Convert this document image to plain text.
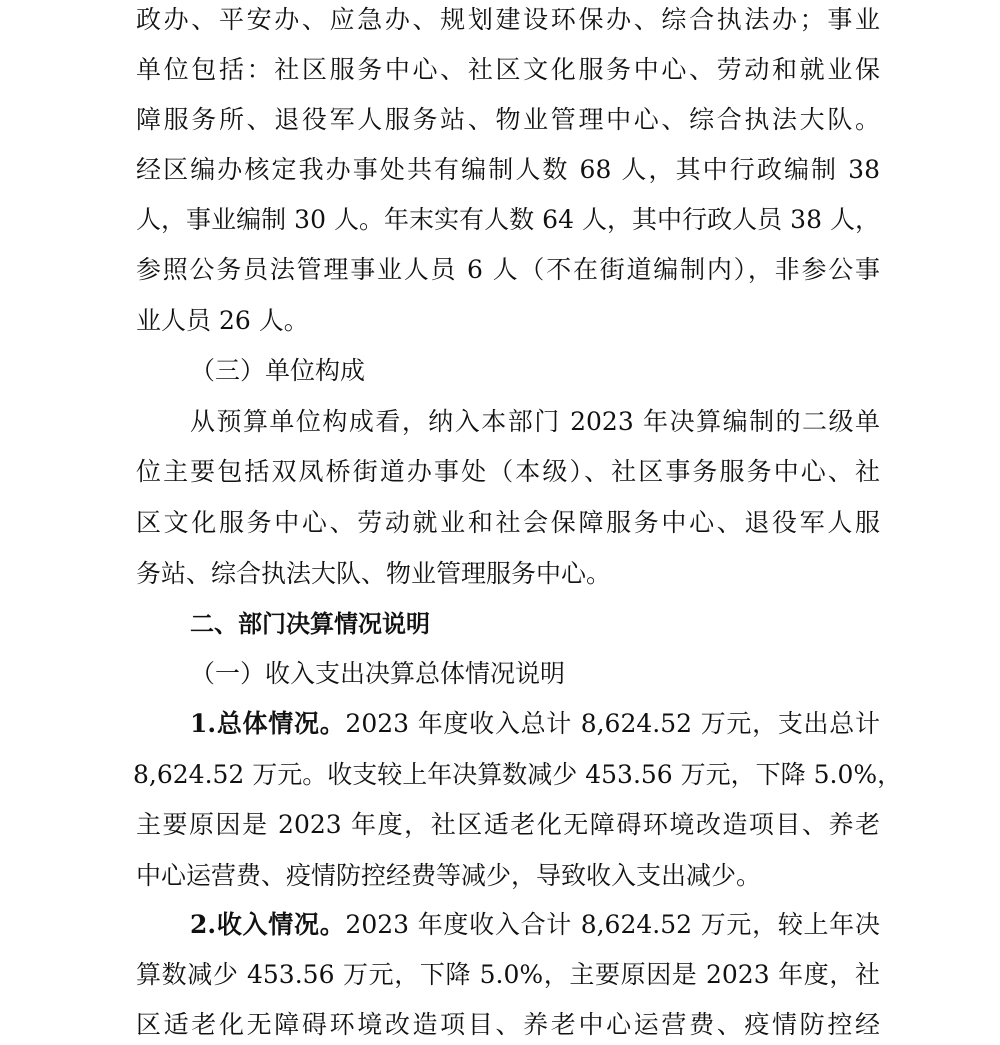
政办、平安办、应急办、规划建设环保办、综合执法办；事业
单位包括：社区服务中心、社区文化服务中心、劳动和就业保
障服务所、退役军人服务站、物业管理中心、综合执法大队。
经区编办核定我办事处共有编制人数 68 人，其中行政编制 38
人，事业编制 30 人。年末实有人数 64 人，其中行政人员 38 人，
参照公务员法管理事业人员 6 人（不在街道编制内），非参公事
业人员 26 人。
（三）单位构成
从预算单位构成看，纳入本部门 2023 年决算编制的二级单
位主要包括双凤桥街道办事处（本级）、社区事务服务中心、社
区文化服务中心、劳动就业和社会保障服务中心、退役军人服
务站、综合执法大队、物业管理服务中心。
二、部门决算情况说明
（一）收入支出决算总体情况说明
1.总体情况。2023 年度收入总计 8,624.52 万元，支出总计
8,624.52 万元。收支较上年决算数减少 453.56 万元，下降 5.0%，
主要原因是 2023 年度，社区适老化无障碍环境改造项目、养老
中心运营费、疫情防控经费等减少，导致收入支出减少。
2.收入情况。2023 年度收入合计 8,624.52 万元，较上年决
算数减少 453.56 万元，下降 5.0%，主要原因是 2023 年度，社
区适老化无障碍环境改造项目、养老中心运营费、疫情防控经
